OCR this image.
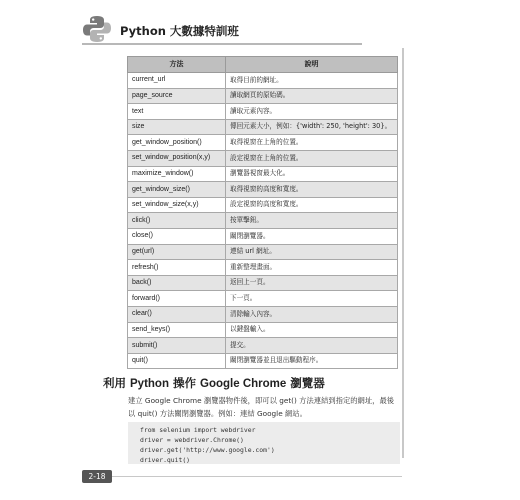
Python 大數據特訓班
方法	說明
current_url	取得目前的網址。
page_source	讀取網頁的原始碼。
text	讀取元素內容。
size	傳回元素大小，例如：{'width': 250, 'height': 30}。
get_window_position()	取得視窗在上角的位置。
set_window_position(x,y)	設定視窗在上角的位置。
maximize_window()	瀏覽器視窗最大化。
get_window_size()	取得視窗的高度和寬度。
set_window_size(x,y)	設定視窗的高度和寬度。
click()	按單擊鈕。
close()	關閉瀏覽器。
get(url)	連結 url 網址。
refresh()	重新整理畫面。
back()	返回上一頁。
forward()	下一頁。
clear()	清除輸入內容。
send_keys()	以鍵盤輸入。
submit()	提交。
quit()	關閉瀏覽器並且退出驅動程序。
利用 Python 操作 Google Chrome 瀏覽器
建立 Google Chrome 瀏覽器物件後，即可以 get() 方法連結到指定的網址，最後以 quit() 方法關閉瀏覽器。例如：連結 Google 網站。
from selenium import webdriver
driver = webdriver.Chrome()
driver.get('http://www.google.com')
driver.quit()
2-18
